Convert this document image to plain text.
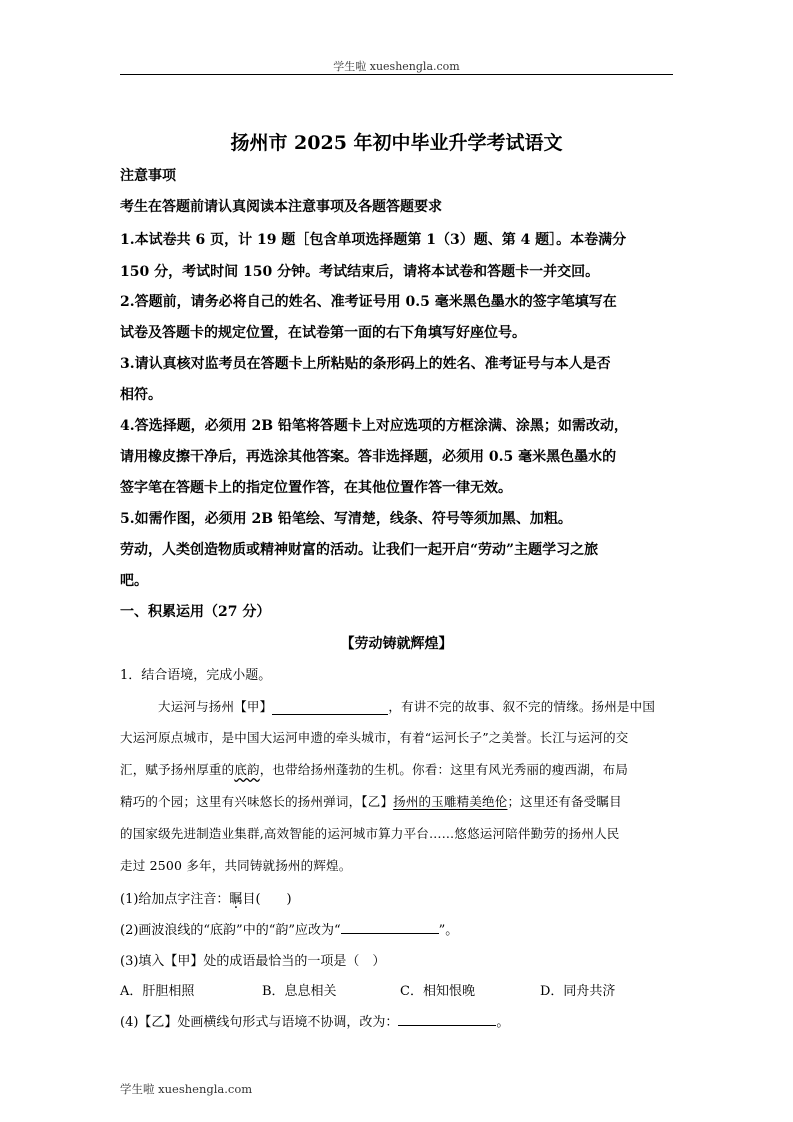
学生啦 xueshengla.com
扬州市 2025 年初中毕业升学考试语文
注意事项
考生在答题前请认真阅读本注意事项及各题答题要求
1.本试卷共 6 页，计 19 题［包含单项选择题第 1（3）题、第 4 题］。本卷满分
150 分，考试时间 150 分钟。考试结束后，请将本试卷和答题卡一并交回。
2.答题前，请务必将自己的姓名、准考证号用 0.5 毫米黑色墨水的签字笔填写在
试卷及答题卡的规定位置，在试卷第一面的右下角填写好座位号。
3.请认真核对监考员在答题卡上所粘贴的条形码上的姓名、准考证号与本人是否
相符。
4.答选择题，必须用 2B 铅笔将答题卡上对应选项的方框涂满、涂黑；如需改动，
请用橡皮擦干净后，再选涂其他答案。答非选择题，必须用 0.5 毫米黑色墨水的
签字笔在答题卡上的指定位置作答，在其他位置作答一律无效。
5.如需作图，必须用 2B 铅笔绘、写清楚，线条、符号等须加黑、加粗。
劳动，人类创造物质或精神财富的活动。让我们一起开启“劳动”主题学习之旅
吧。
一、积累运用（27 分）
【劳动铸就辉煌】
1．结合语境，完成小题。
大运河与扬州【甲】	，有讲不完的故事、叙不完的情缘。扬州是中国
大运河原点城市，是中国大运河申遗的牵头城市，有着“运河长子”之美誉。长江与运河的交
汇，赋予扬州厚重的底韵，也带给扬州蓬勃的生机。你看：这里有风光秀丽的瘦西湖，布局
精巧的个园；这里有兴味悠长的扬州弹词，【乙】扬州的玉雕精美绝伦；这里还有备受瞩目
的国家级先进制造业集群,高效智能的运河城市算力平台……悠悠运河陪伴勤劳的扬州人民
走过 2500 多年，共同铸就扬州的辉煌。
(1)给加点字注音：瞩目(　　)
(2)画波浪线的“底韵”中的“韵”应改为“	”。
(3)填入【甲】处的成语最恰当的一项是（　）
A．肝胆相照	B．息息相关	C．相知恨晚	D．同舟共济
(4)【乙】处画横线句形式与语境不协调，改为：	。
学生啦 xueshengla.com
